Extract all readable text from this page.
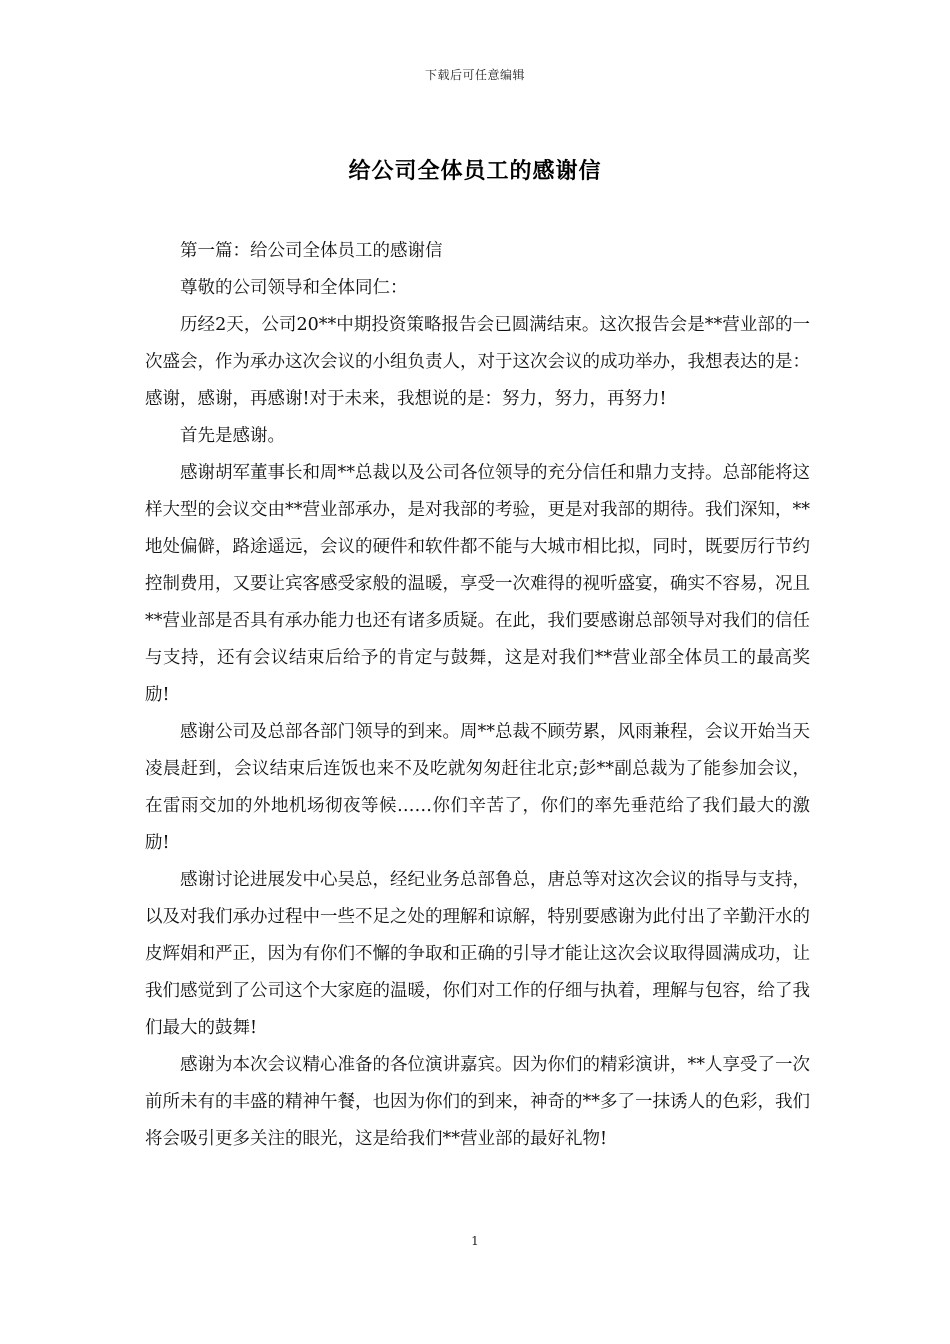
下载后可任意编辑
给公司全体员工的感谢信

第一篇：给公司全体员工的感谢信

尊敬的公司领导和全体同仁：

历经2天，公司20**中期投资策略报告会已圆满结束。这次报告会是**营业部的一次盛会，作为承办这次会议的小组负责人，对于这次会议的成功举办，我想表达的是：感谢，感谢，再感谢!对于未来，我想说的是：努力，努力，再努力!

首先是感谢。

感谢胡军董事长和周**总裁以及公司各位领导的充分信任和鼎力支持。总部能将这样大型的会议交由**营业部承办，是对我部的考验，更是对我部的期待。我们深知，**地处偏僻，路途遥远，会议的硬件和软件都不能与大城市相比拟，同时，既要厉行节约控制费用，又要让宾客感受家般的温暖，享受一次难得的视听盛宴，确实不容易，况且**营业部是否具有承办能力也还有诸多质疑。在此，我们要感谢总部领导对我们的信任与支持，还有会议结束后给予的肯定与鼓舞，这是对我们**营业部全体员工的最高奖励!

感谢公司及总部各部门领导的到来。周**总裁不顾劳累，风雨兼程，会议开始当天凌晨赶到，会议结束后连饭也来不及吃就匆匆赶往北京;彭**副总裁为了能参加会议，在雷雨交加的外地机场彻夜等候……你们辛苦了，你们的率先垂范给了我们最大的激励!

感谢讨论进展发中心吴总，经纪业务总部鲁总，唐总等对这次会议的指导与支持，以及对我们承办过程中一些不足之处的理解和谅解，特别要感谢为此付出了辛勤汗水的皮辉娟和严正，因为有你们不懈的争取和正确的引导才能让这次会议取得圆满成功，让我们感觉到了公司这个大家庭的温暖，你们对工作的仔细与执着，理解与包容，给了我们最大的鼓舞!

感谢为本次会议精心准备的各位演讲嘉宾。因为你们的精彩演讲，**人享受了一次前所未有的丰盛的精神午餐，也因为你们的到来，神奇的**多了一抹诱人的色彩，我们将会吸引更多关注的眼光，这是给我们**营业部的最好礼物!

1
